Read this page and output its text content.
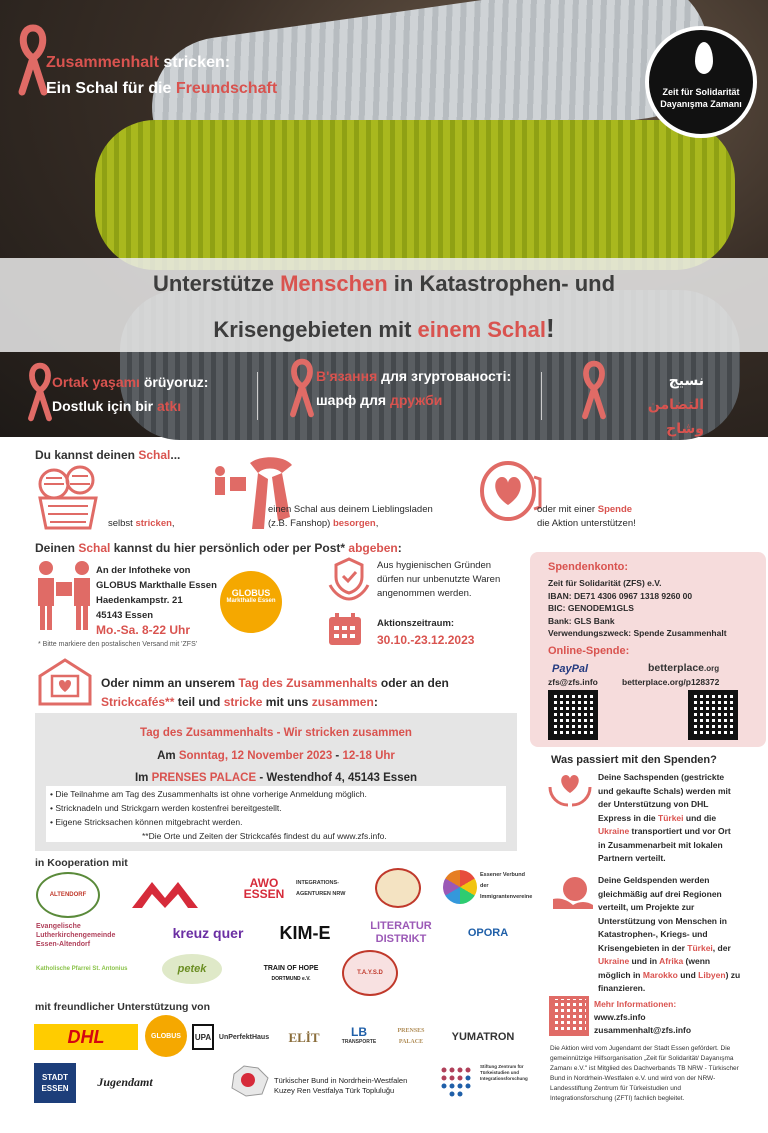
Zusammenhalt stricken:
Ein Schal für die Freundschaft	Zeit für Solidarität
Dayanışma Zamanı
Unterstütze Menschen in Katastrophen- und
Krisengebieten mit einem Schal!
Ortak yaşamı örüyoruz:
Dostluk için bir atkı
В'язання для згуртованості:
шарф для дружби
نسيج التضامن
وشاح للصداقة
Du kannst deinen Schal...
selbst stricken,
einen Schal aus deinem Lieblingsladen
(z.B. Fanshop) besorgen,
oder mit einer Spende
die Aktion unterstützen!
Deinen Schal kannst du hier persönlich oder per Post* abgeben:
An der Infotheke von
GLOBUS Markthalle Essen
Haedenkampstr. 21
45143 Essen
Mo.-Sa. 8-22 Uhr
* Bitte markiere den postalischen Versand mit 'ZFS'
GLOBUS
Markthalle Essen
Aus hygienischen Gründen
dürfen nur unbenutzte Waren
angenommen werden.
Aktionszeitraum:
30.10.-23.12.2023
Spendenkonto:
Zeit für Solidarität (ZFS) e.V.
IBAN: DE71 4306 0967 1318 9260 00
BIC: GENODEM1GLS
Bank: GLS Bank
Verwendungszweck: Spende Zusammenhalt
Online-Spende:
PayPal
zfs@zfs.info
betterplace.org
betterplace.org/p128372
Oder nimm an unserem Tag des Zusammenhalts oder an den
Strickcafés** teil und stricke mit uns zusammen:
Tag des Zusammenhalts - Wir stricken zusammen
Am Sonntag, 12 November 2023 - 12-18 Uhr
Im PRENSES PALACE - Westendhof 4, 45143 Essen
• Die Teilnahme am Tag des Zusammenhalts ist ohne vorherige Anmeldung möglich.
• Stricknadeln und Strickgarn werden kostenfrei bereitgestellt.
• Eigene Stricksachen können mitgebracht werden.
**Die Orte und Zeiten der Strickcafés findest du auf www.zfs.info.
Was passiert mit den Spenden?
Deine Sachspenden (gestrickte
und gekaufte Schals) werden mit
der Unterstützung von DHL
Express in die Türkei und die
Ukraine transportiert und vor Ort
in Zusammenarbeit mit lokalen
Partnern verteilt.
Deine Geldspenden werden
gleichmäßig auf drei Regionen
verteilt, um Projekte zur
Unterstützung von Menschen in
Katastrophen-, Kriegs- und
Krisengebieten in der Türkei, der
Ukraine und in Afrika (wenn
möglich in Marokko und Libyen) zu
finanzieren.
Mehr Informationen:
www.zfs.info
zusammenhalt@zfs.info
Die Aktion wird vom Jugendamt der Stadt Essen gefördert. Die
gemeinnützige Hilfsorganisation „Zeit für Solidarität/ Dayanışma
Zamanı e.V." ist Mitglied des Dachverbands TB NRW - Türkischer
Bund in Nordrhein-Westfalen e.V. und wird von der NRW-
Landesstiftung Zentrum für Türkeistudien und
Integrationsforschung (ZFTI) fachlich begleitet.
in Kooperation mit
ALTENDORF
AWO ESSEN
INTEGRATIONS-AGENTUREN NRW
Essener Verbund der Immigrantenvereine
Evangelische Lutherkirchengemeinde Essen-Altendorf
kreuz quer KIM-E	LITERATUR DISTRIKT
OPORA
Katholische Pfarrei St. Antonius	petek	TRAIN OF HOPE
DORTMUND e.V.
T.A.Y.S.D
mit freundlicher Unterstützung von
DHL	GLOBUS UPA UnPerfektHaus ELİT	LB
TRANSPORTE
PRENSES PALACE	YUMATRON
STADT
ESSEN Jugendamt	Türkischer Bund in Nordrhein-Westfalen
Kuzey Ren Vestfalya Türk Topluluğu
Stiftung Zentrum für Türkeistudien und Integrationsforschung
